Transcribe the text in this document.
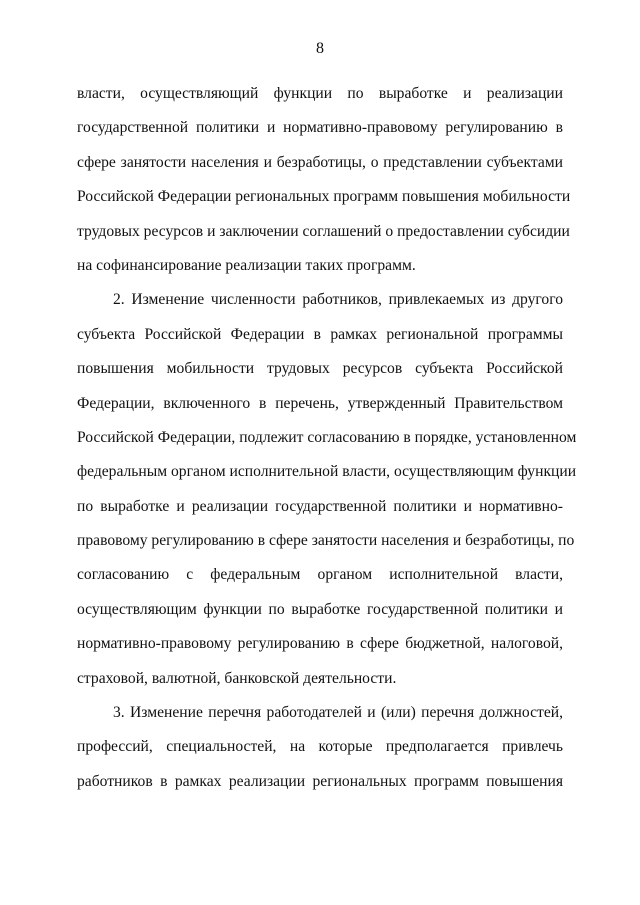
8
власти, осуществляющий функции по выработке и реализации
государственной политики и нормативно-правовому регулированию в
сфере занятости населения и безработицы, о представлении субъектами
Российской Федерации региональных программ повышения мобильности
трудовых ресурсов и заключении соглашений о предоставлении субсидии
на софинансирование реализации таких программ.
2. Изменение численности работников, привлекаемых из другого
субъекта Российской Федерации в рамках региональной программы
повышения мобильности трудовых ресурсов субъекта Российской
Федерации, включенного в перечень, утвержденный Правительством
Российской Федерации, подлежит согласованию в порядке, установленном
федеральным органом исполнительной власти, осуществляющим функции
по выработке и реализации государственной политики и нормативно-
правовому регулированию в сфере занятости населения и безработицы, по
согласованию с федеральным органом исполнительной власти,
осуществляющим функции по выработке государственной политики и
нормативно-правовому регулированию в сфере бюджетной, налоговой,
страховой, валютной, банковской деятельности.
3. Изменение перечня работодателей и (или) перечня должностей,
профессий, специальностей, на которые предполагается привлечь
работников в рамках реализации региональных программ повышения
